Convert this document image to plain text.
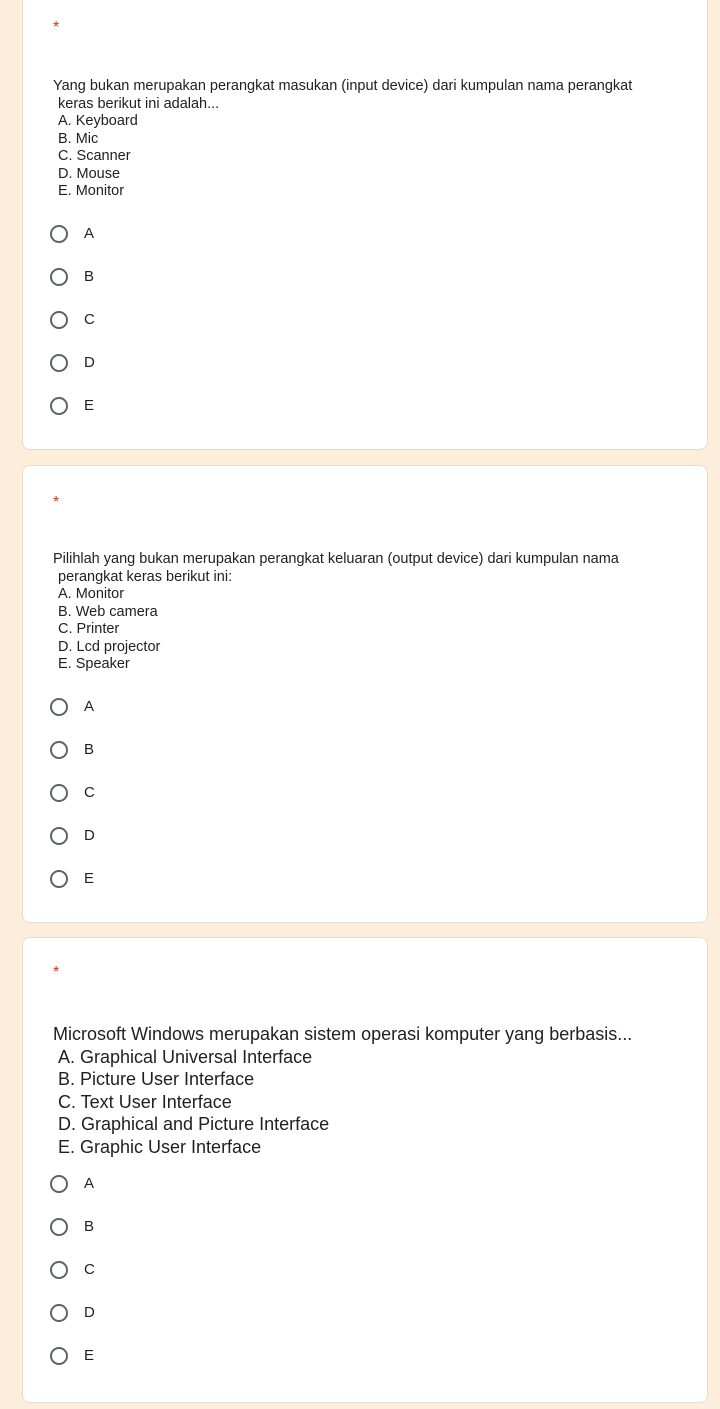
*
Yang bukan merupakan perangkat masukan (input device) dari kumpulan nama perangkat
keras berikut ini adalah...
A. Keyboard
B. Mic
C. Scanner
D. Mouse
E. Monitor
A
B
C
D
E
*
Pilihlah yang bukan merupakan perangkat keluaran (output device) dari kumpulan nama
perangkat keras berikut ini:
A. Monitor
B. Web camera
C. Printer
D. Lcd projector
E. Speaker
A
B
C
D
E
*
Microsoft Windows merupakan sistem operasi komputer yang berbasis...
A. Graphical Universal Interface
B. Picture User Interface
C. Text User Interface
D. Graphical and Picture Interface
E. Graphic User Interface
A
B
C
D
E
